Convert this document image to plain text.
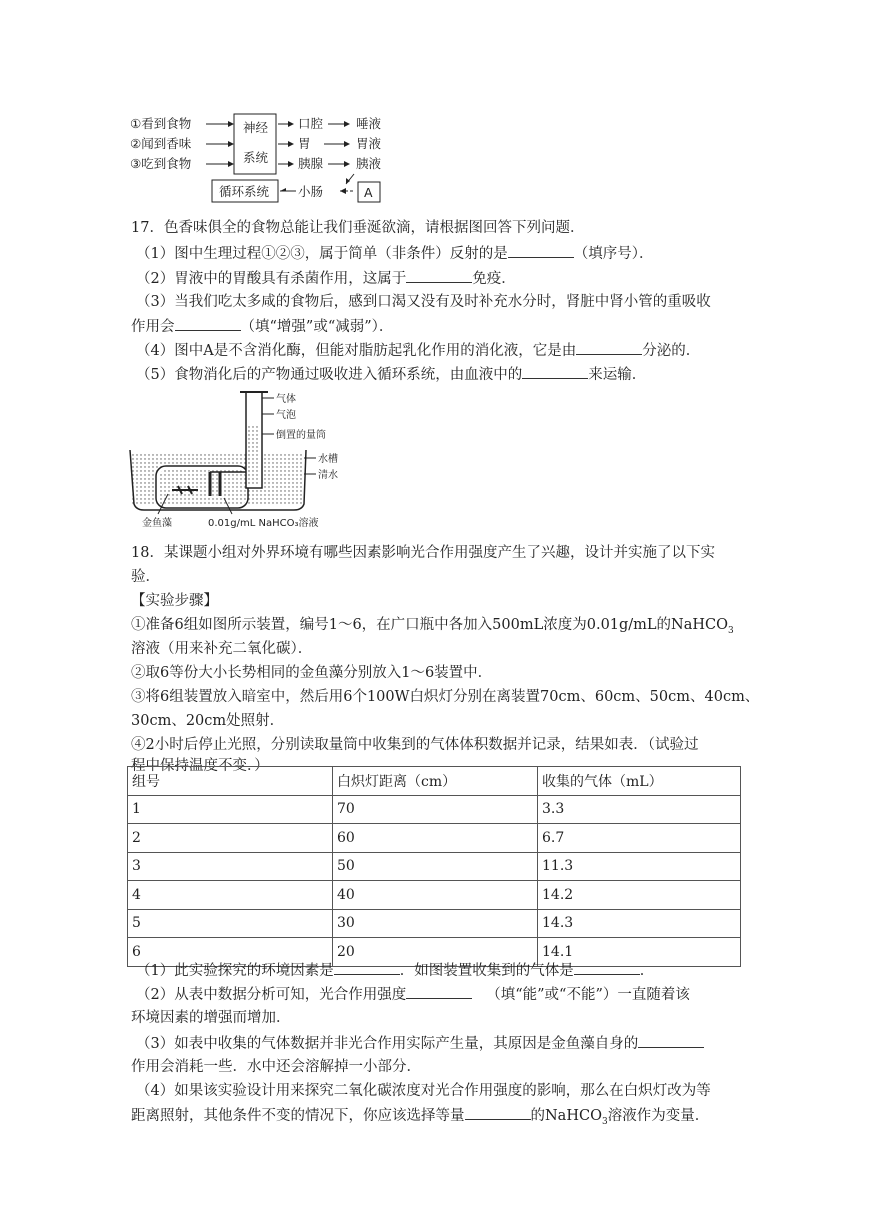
①看到食物
②闻到香味
③吃到食物
神经
系统
口腔
胃
胰腺
唾液
胃液
胰液
循环系统 小肠	A
17．色香味俱全的食物总能让我们垂涎欲滴，请根据图回答下列问题．
（1）图中生理过程①②③，属于简单（非条件）反射的是	（填序号）．
（2）胃液中的胃酸具有杀菌作用，这属于	免疫．
（3）当我们吃太多咸的食物后，感到口渴又没有及时补充水分时，肾脏中肾小管的重吸收
作用会	（填“增强”或“减弱”）．
（4）图中A是不含消化酶，但能对脂肪起乳化作用的消化液，它是由	分泌的．
（5）食物消化后的产物通过吸收进入循环系统，由血液中的	来运输．
气体
气泡
倒置的量筒
水槽
清水
金鱼藻	0.01g/mL NaHCO₃溶液
18．某课题小组对外界环境有哪些因素影响光合作用强度产生了兴趣，设计并实施了以下实
验．
【实验步骤】
①准备6组如图所示装置，编号1～6，在广口瓶中各加入500mL浓度为0.01g/mL的NaHCO$_3$
溶液（用来补充二氧化碳）．
②取6等份大小长势相同的金鱼藻分别放入1～6装置中．
③将6组装置放入暗室中，然后用6个100W白炽灯分别在离装置70cm、60cm、50cm、40cm、
30cm、20cm处照射．
④2小时后停止光照，分别读取量筒中收集到的气体体积数据并记录，结果如表．（试验过
程中保持温度不变．）
组号	白炽灯距离（cm）	收集的气体（mL）
1	70	3.3
2	60	6.7
3	50	11.3
4	40	14.2
5	30	14.3
6	20	14.1
（1）此实验探究的环境因素是	．如图装置收集到的气体是	．
（2）从表中数据分析可知，光合作用强度	（填“能”或“不能”）一直随着该
环境因素的增强而增加．
（3）如表中收集的气体数据并非光合作用实际产生量，其原因是金鱼藻自身的
作用会消耗一些．水中还会溶解掉一小部分．
（4）如果该实验设计用来探究二氧化碳浓度对光合作用强度的影响，那么在白炽灯改为等
距离照射，其他条件不变的情况下，你应该选择等量	的NaHCO$_3$溶液作为变量．
